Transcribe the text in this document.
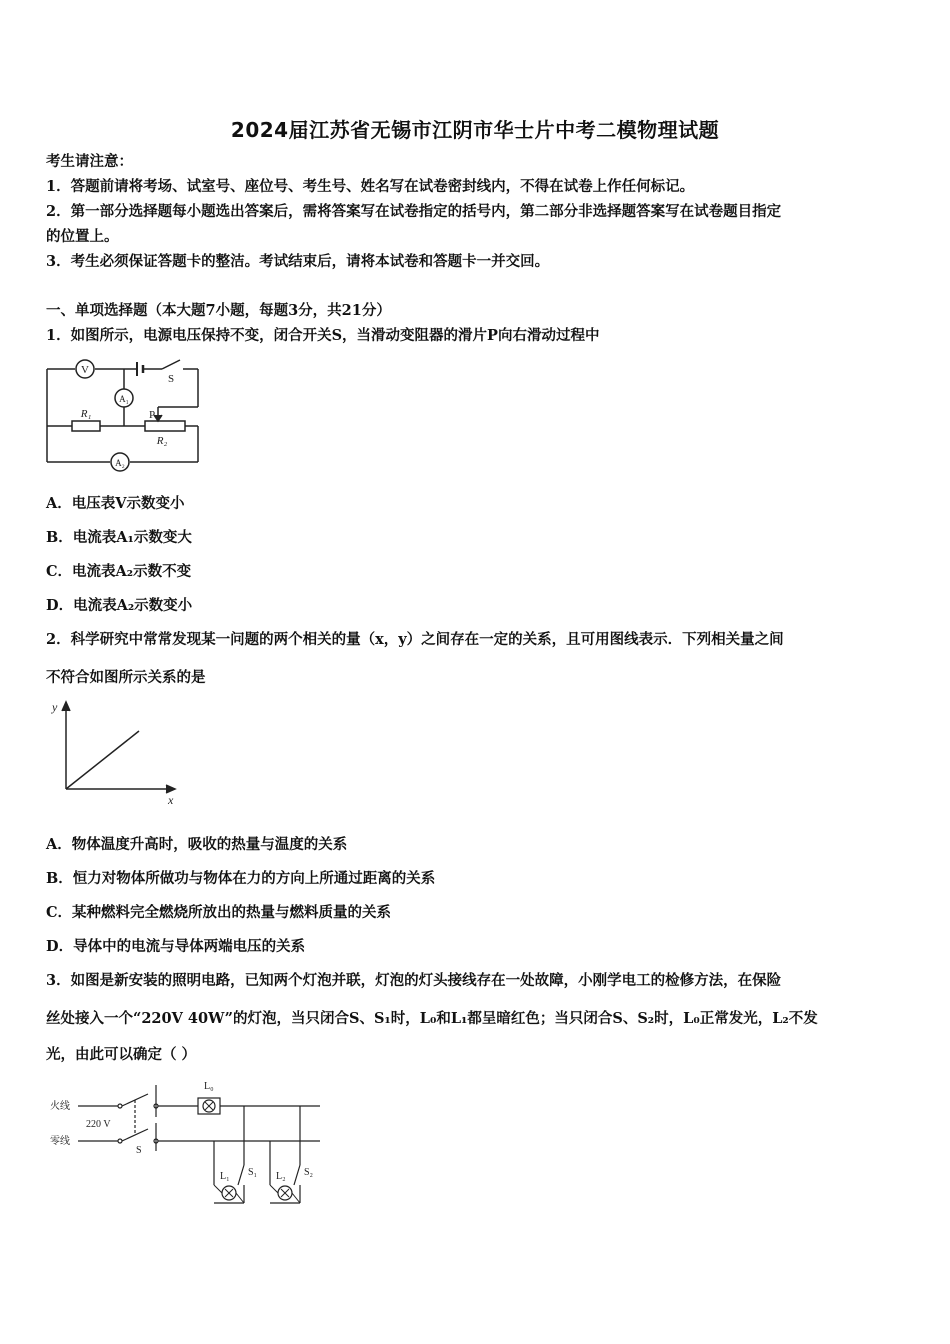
2024届江苏省无锡市江阴市华士片中考二模物理试题
考生请注意：
1．答题前请将考场、试室号、座位号、考生号、姓名写在试卷密封线内，不得在试卷上作任何标记。
2．第一部分选择题每小题选出答案后，需将答案写在试卷指定的括号内，第二部分非选择题答案写在试卷题目指定
的位置上。
3．考生必须保证答题卡的整洁。考试结束后，请将本试卷和答题卡一并交回。
一、单项选择题（本大题7小题，每题3分，共21分）
1．如图所示，电源电压保持不变，闭合开关S，当滑动变阻器的滑片P向右滑动过程中
V
A₁
A₂
S
R₁	P
R₂
A．电压表V示数变小
B．电流表A₁示数变大
C．电流表A₂示数不变
D．电流表A₂示数变小
2．科学研究中常常发现某一问题的两个相关的量（x，y）之间存在一定的关系，且可用图线表示．下列相关量之间
不符合如图所示关系的是
y
x
A．物体温度升高时，吸收的热量与温度的关系
B．恒力对物体所做功与物体在力的方向上所通过距离的关系
C．某种燃料完全燃烧所放出的热量与燃料质量的关系
D．导体中的电流与导体两端电压的关系
3．如图是新安装的照明电路，已知两个灯泡并联，灯泡的灯头接线存在一处故障，小刚学电工的检修方法，在保险
丝处接入一个“220V 40W”的灯泡，当只闭合S、S₁时，L₀和L₁都呈暗红色；当只闭合S、S₂时，L₀正常发光，L₂不发
光，由此可以确定（ ）
火线
零线
220 V
S
L₀
L₁ S₁ L₂ S₂
